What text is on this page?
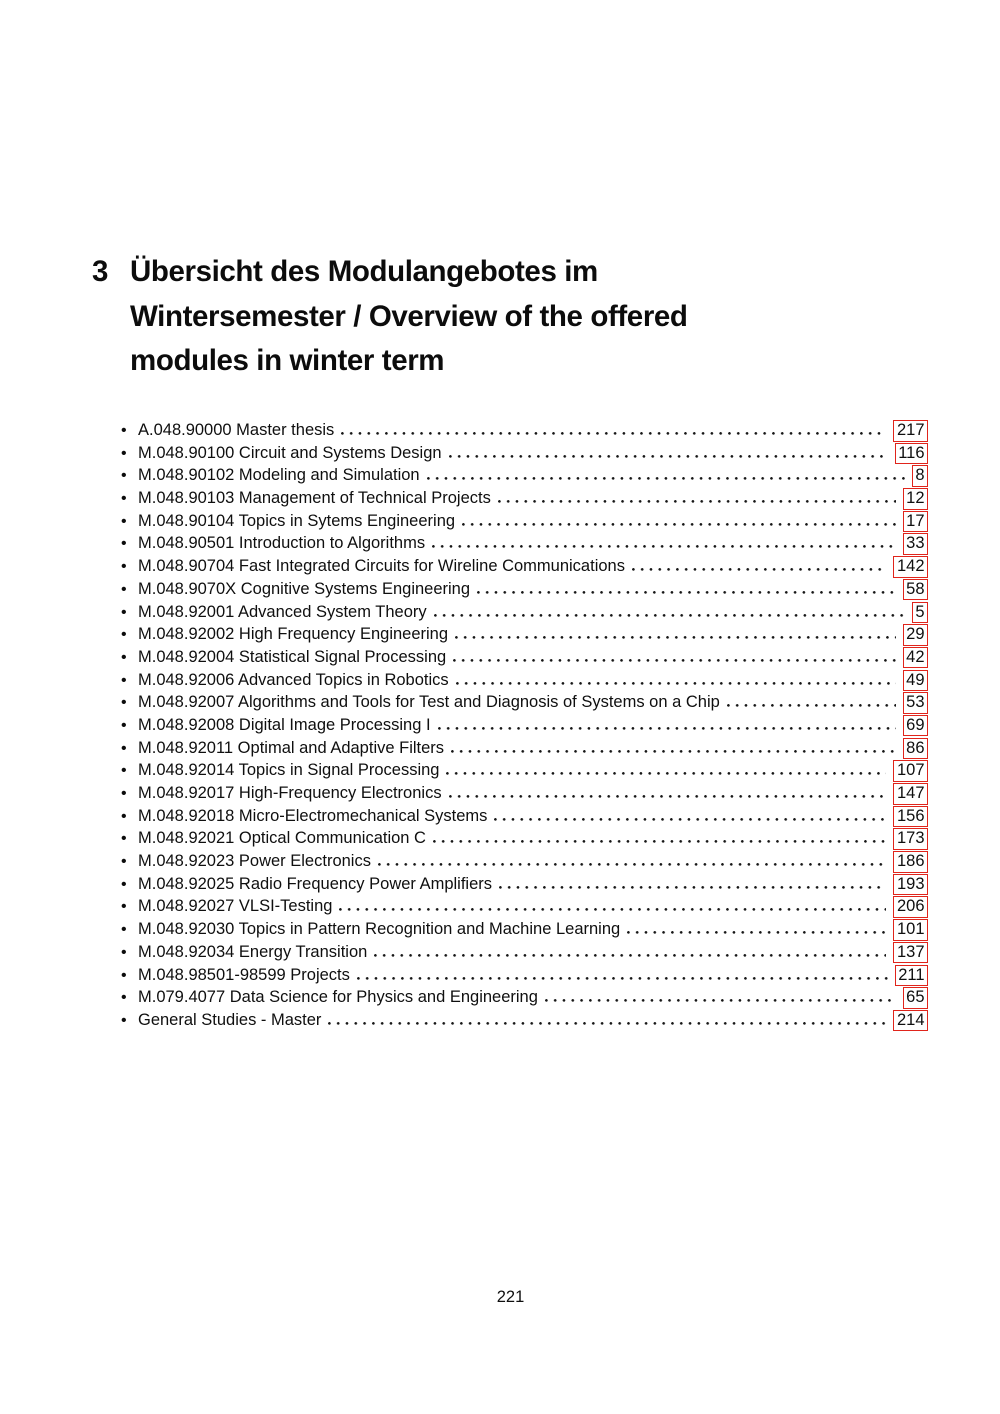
3 Übersicht des Modulangebotes im
Wintersemester / Overview of the offered
modules in winter term
• A.048.90000 Master thesis	217
• M.048.90100 Circuit and Systems Design	116
• M.048.90102 Modeling and Simulation	8
• M.048.90103 Management of Technical Projects	12
• M.048.90104 Topics in Sytems Engineering	17
• M.048.90501 Introduction to Algorithms	33
• M.048.90704 Fast Integrated Circuits for Wireline Communications	142
• M.048.9070X Cognitive Systems Engineering	58
• M.048.92001 Advanced System Theory	5
• M.048.92002 High Frequency Engineering	29
• M.048.92004 Statistical Signal Processing	42
• M.048.92006 Advanced Topics in Robotics	49
• M.048.92007 Algorithms and Tools for Test and Diagnosis of Systems on a Chip	53
• M.048.92008 Digital Image Processing I	69
• M.048.92011 Optimal and Adaptive Filters	86
• M.048.92014 Topics in Signal Processing	107
• M.048.92017 High-Frequency Electronics	147
• M.048.92018 Micro-Electromechanical Systems	156
• M.048.92021 Optical Communication C	173
• M.048.92023 Power Electronics	186
• M.048.92025 Radio Frequency Power Amplifiers	193
• M.048.92027 VLSI-Testing	206
• M.048.92030 Topics in Pattern Recognition and Machine Learning	101
• M.048.92034 Energy Transition	137
• M.048.98501-98599 Projects	211
• M.079.4077 Data Science for Physics and Engineering	65
• General Studies - Master	214
221
